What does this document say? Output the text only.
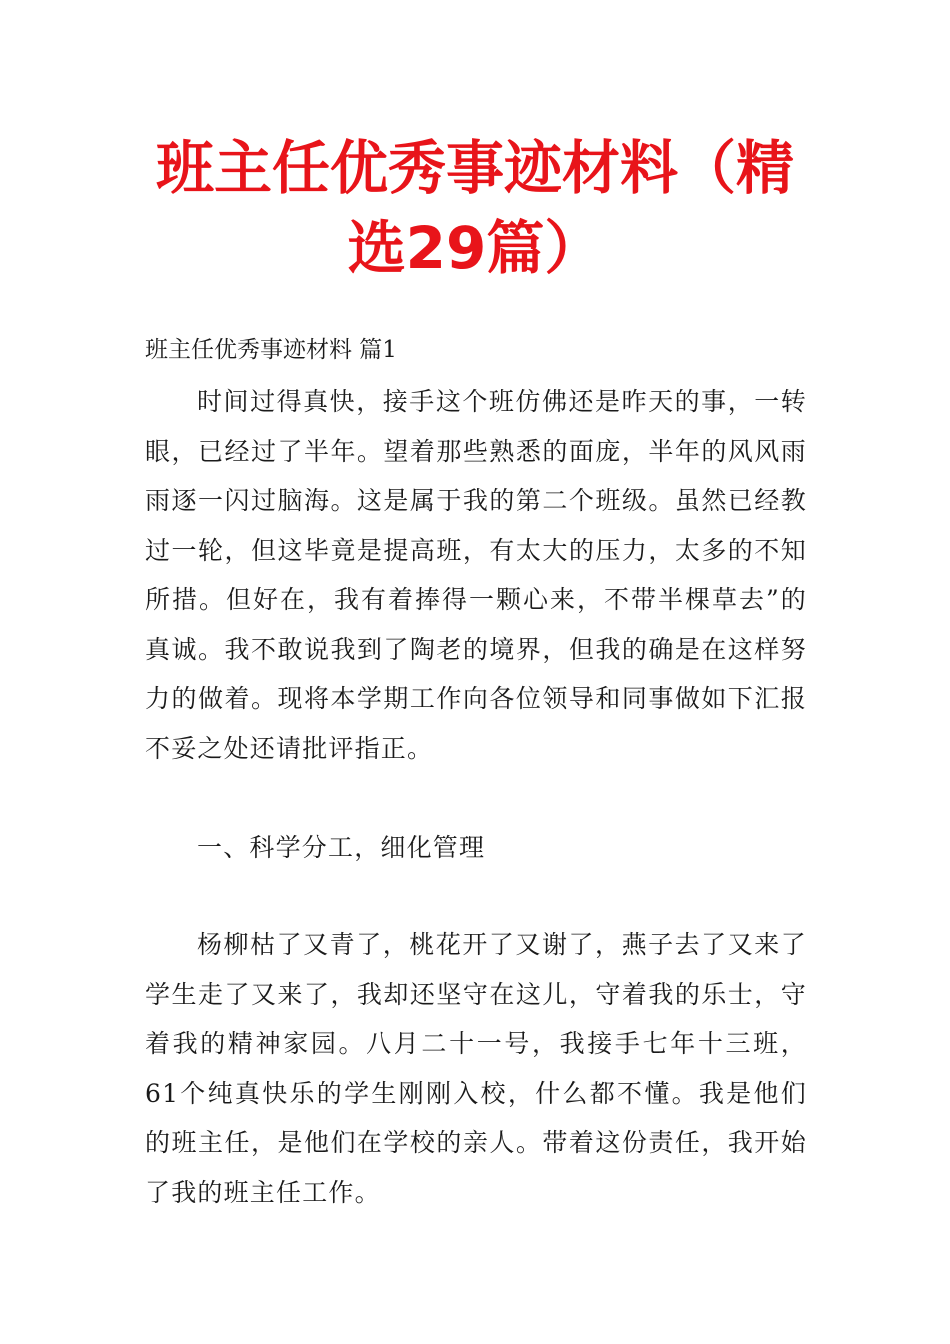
班主任优秀事迹材料（精选29篇）
班主任优秀事迹材料 篇1

时间过得真快，接手这个班仿佛还是昨天的事，一转眼，已经过了半年。望着那些熟悉的面庞，半年的风风雨雨逐一闪过脑海。这是属于我的第二个班级。虽然已经教过一轮，但这毕竟是提高班，有太大的压力，太多的不知所措。但好在，我有着捧得一颗心来，不带半棵草去”的真诚。我不敢说我到了陶老的境界，但我的确是在这样努力的做着。现将本学期工作向各位领导和同事做如下汇报不妥之处还请批评指正。

一、科学分工，细化管理

杨柳枯了又青了，桃花开了又谢了，燕子去了又来了学生走了又来了，我却还坚守在这儿，守着我的乐士，守着我的精神家园。八月二十一号，我接手七年十三班，61个纯真快乐的学生刚刚入校，什么都不懂。我是他们的班主任，是他们在学校的亲人。带着这份责任，我开始了我的班主任工作。
